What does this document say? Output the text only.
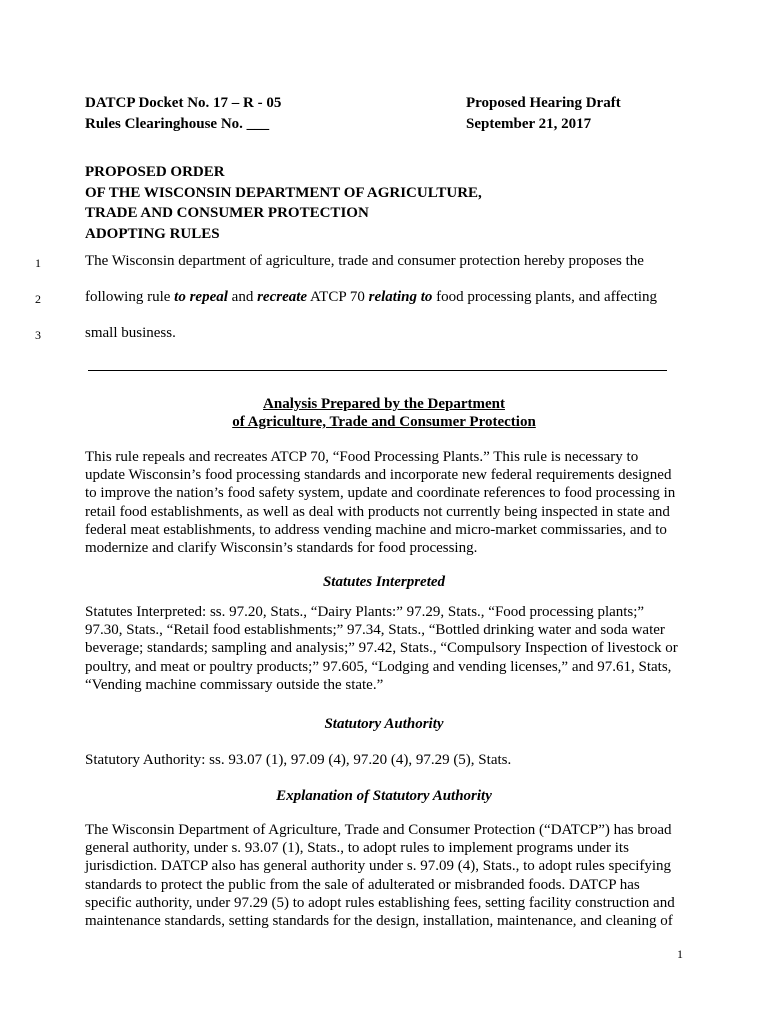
DATCP Docket No. 17 – R - 05
Rules Clearinghouse No. ___
Proposed Hearing Draft
September 21, 2017
PROPOSED ORDER
OF THE WISCONSIN DEPARTMENT OF AGRICULTURE,
TRADE AND CONSUMER PROTECTION
ADOPTING RULES
1	The Wisconsin department of agriculture, trade and consumer protection hereby proposes the
2	following rule to repeal and recreate ATCP 70 relating to food processing plants, and affecting
3	small business.
Analysis Prepared by the Department
of Agriculture, Trade and Consumer Protection
This rule repeals and recreates ATCP 70, “Food Processing Plants.” This rule is necessary to
update Wisconsin’s food processing standards and incorporate new federal requirements designed
to improve the nation’s food safety system, update and coordinate references to food processing in
retail food establishments, as well as deal with products not currently being inspected in state and
federal meat establishments, to address vending machine and micro-market commissaries, and to
modernize and clarify Wisconsin’s standards for food processing.
Statutes Interpreted
Statutes Interpreted: ss. 97.20, Stats., “Dairy Plants:” 97.29, Stats., “Food processing plants;”
97.30, Stats., “Retail food establishments;” 97.34, Stats., “Bottled drinking water and soda water
beverage; standards; sampling and analysis;” 97.42, Stats., “Compulsory Inspection of livestock or
poultry, and meat or poultry products;” 97.605, “Lodging and vending licenses,” and 97.61, Stats,
“Vending machine commissary outside the state.”
Statutory Authority
Statutory Authority: ss. 93.07 (1), 97.09 (4), 97.20 (4), 97.29 (5), Stats.
Explanation of Statutory Authority
The Wisconsin Department of Agriculture, Trade and Consumer Protection (“DATCP”) has broad
general authority, under s. 93.07 (1), Stats., to adopt rules to implement programs under its
jurisdiction. DATCP also has general authority under s. 97.09 (4), Stats., to adopt rules specifying
standards to protect the public from the sale of adulterated or misbranded foods. DATCP has
specific authority, under 97.29 (5) to adopt rules establishing fees, setting facility construction and
maintenance standards, setting standards for the design, installation, maintenance, and cleaning of
1
